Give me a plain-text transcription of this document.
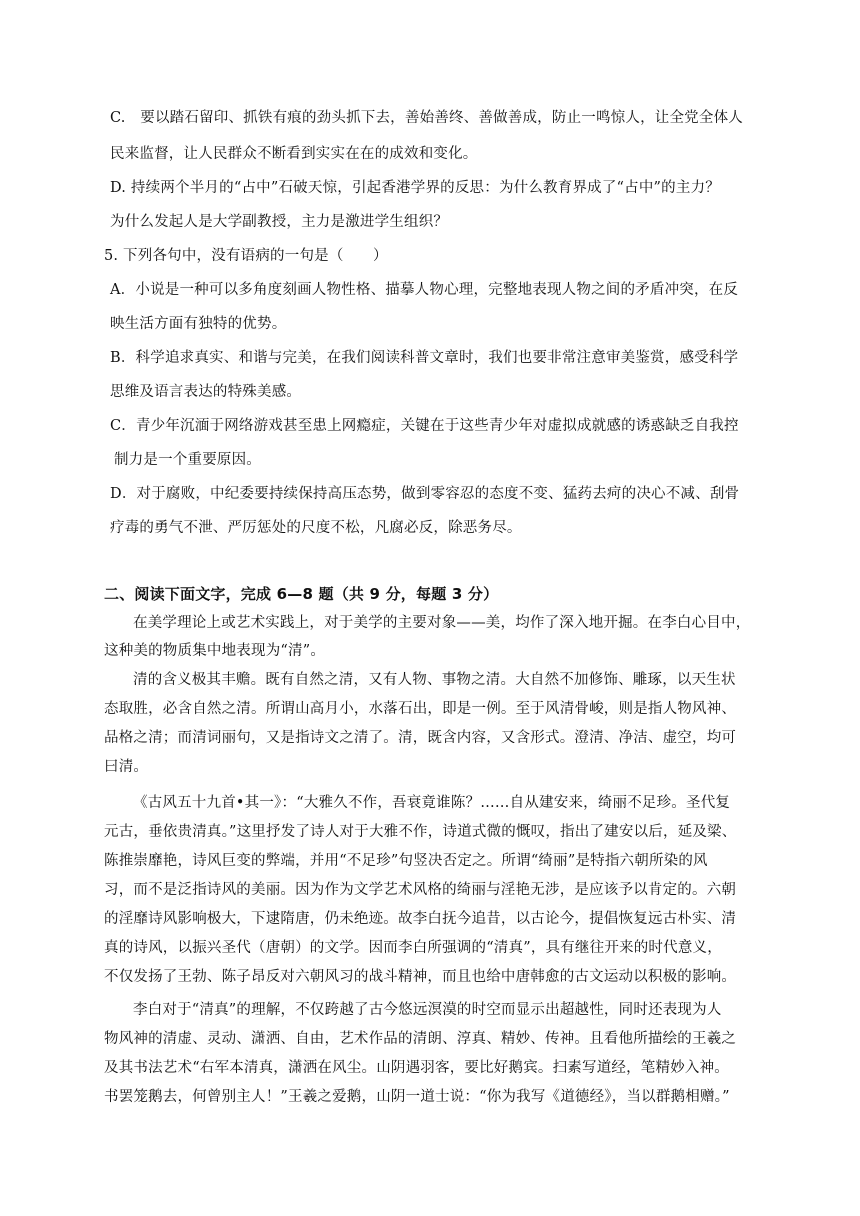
C.　要以踏石留印、抓铁有痕的劲头抓下去，善始善终、善做善成，防止一鸣惊人，让全党全体人
民来监督，让人民群众不断看到实实在在的成效和变化。
D. 持续两个半月的“占中”石破天惊，引起香港学界的反思：为什么教育界成了“占中”的主力？
为什么发起人是大学副教授，主力是激进学生组织？
5. 下列各句中，没有语病的一句是（　　）
A．小说是一种可以多角度刻画人物性格、描摹人物心理，完整地表现人物之间的矛盾冲突，在反
映生活方面有独特的优势。
B．科学追求真实、和谐与完美，在我们阅读科普文章时，我们也要非常注意审美鉴赏，感受科学
思维及语言表达的特殊美感。
C．青少年沉湎于网络游戏甚至患上网瘾症，关键在于这些青少年对虚拟成就感的诱惑缺乏自我控
制力是一个重要原因。
D．对于腐败，中纪委要持续保持高压态势，做到零容忍的态度不变、猛药去疴的决心不减、刮骨
疗毒的勇气不泄、严厉惩处的尺度不松，凡腐必反，除恶务尽。
二、阅读下面文字，完成 6—8 题（共 9 分，每题 3 分）
在美学理论上或艺术实践上，对于美学的主要对象——美，均作了深入地开掘。在李白心目中，
这种美的物质集中地表现为“清”。
清的含义极其丰赡。既有自然之清，又有人物、事物之清。大自然不加修饰、雕琢，以天生状
态取胜，必含自然之清。所谓山高月小，水落石出，即是一例。至于风清骨峻，则是指人物风神、
品格之清；而清词丽句，又是指诗文之清了。清，既含内容，又含形式。澄清、净洁、虚空，均可
曰清。
《古风五十九首•其一》：“大雅久不作，吾衰竟谁陈？……自从建安来，绮丽不足珍。圣代复
元古，垂依贵清真。”这里抒发了诗人对于大雅不作，诗道式微的慨叹，指出了建安以后，延及梁、
陈推崇靡艳，诗风巨变的弊端，并用“不足珍”句竖决否定之。所谓“绮丽”是特指六朝所染的风
习，而不是泛指诗风的美丽。因为作为文学艺术风格的绮丽与淫艳无涉，是应该予以肯定的。六朝
的淫靡诗风影响极大，下逮隋唐，仍未绝迹。故李白抚今追昔，以古论今，提倡恢复远古朴实、清
真的诗风，以振兴圣代（唐朝）的文学。因而李白所强调的“清真”，具有继往开来的时代意义，
不仅发扬了王勃、陈子昂反对六朝风习的战斗精神，而且也给中唐韩愈的古文运动以积极的影响。
李白对于“清真”的理解，不仅跨越了古今悠远溟漠的时空而显示出超越性，同时还表现为人
物风神的清虚、灵动、潇洒、自由，艺术作品的清朗、淳真、精妙、传神。且看他所描绘的王羲之
及其书法艺术“右军本清真，潇洒在风尘。山阴遇羽客，要比好鹅宾。扫素写道经，笔精妙入神。
书罢笼鹅去，何曾别主人！”王羲之爱鹅，山阴一道士说：“你为我写《道德经》，当以群鹅相赠。”
